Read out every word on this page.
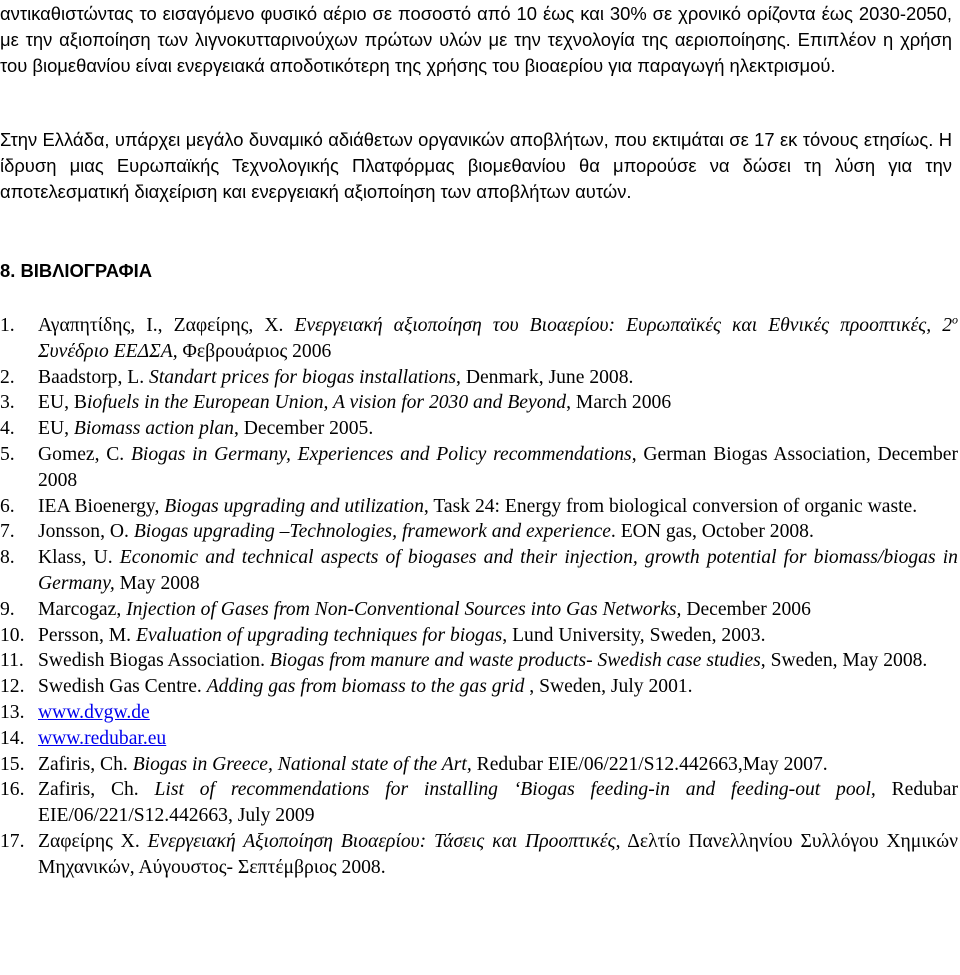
αντικαθιστώντας το εισαγόμενο φυσικό αέριο σε ποσοστό από 10 έως και 30% σε χρονικό ορίζοντα έως 2030-2050, με την αξιοποίηση των λιγνοκυτταρινούχων πρώτων υλών με την τεχνολογία της αεριοποίησης. Επιπλέον η χρήση του βιομεθανίου είναι ενεργειακά αποδοτικότερη της χρήσης του βιοαερίου για παραγωγή ηλεκτρισμού.

Στην Ελλάδα, υπάρχει μεγάλο δυναμικό αδιάθετων οργανικών αποβλήτων, που εκτιμάται σε 17 εκ τόνους ετησίως. Η ίδρυση μιας Ευρωπαϊκής Τεχνολογικής Πλατφόρμας βιομεθανίου θα μπορούσε να δώσει τη λύση για την αποτελεσματική διαχείριση και ενεργειακή αξιοποίηση των αποβλήτων αυτών.

8. ΒΙΒΛΙΟΓΡΑΦΙΑ
1. Αγαπητίδης, Ι., Ζαφείρης, Χ. Ενεργειακή αξιοποίηση του Βιοαερίου: Ευρωπαϊκές και Εθνικές προοπτικές, $2^o$ Συνέδριο ΕΕΔΣΑ, Φεβρουάριος 2006
2. Baadstorp, L. Standart prices for biogas installations, Denmark, June 2008.
3. EU, Biofuels in the European Union, A vision for 2030 and Beyond, March 2006
4. EU, Biomass action plan, December 2005.
5. Gomez, C. Biogas in Germany, Experiences and Policy recommendations, German Biogas Association, December 2008
6. IEA Bioenergy, Biogas upgrading and utilization, Task 24: Energy from biological conversion of organic waste.
7. Jonsson, O. Biogas upgrading –Technologies, framework and experience. EON gas, October 2008.
8. Klass, U. Economic and technical aspects of biogases and their injection, growth potential for biomass/biogas in Germany, May 2008
9. Marcogaz, Injection of Gases from Non-Conventional Sources into Gas Networks, December 2006
10. Persson, M. Evaluation of upgrading techniques for biogas, Lund University, Sweden, 2003.
11. Swedish Biogas Association. Biogas from manure and waste products- Swedish case studies, Sweden, May 2008.
12. Swedish Gas Centre. Adding gas from biomass to the gas grid , Sweden, July 2001.
13. www.dvgw.de
14. www.redubar.eu
15. Zafiris, Ch. Biogas in Greece, National state of the Art, Redubar EIE/06/221/S12.442663,May 2007.
16. Zafiris, Ch. List of recommendations for installing ‘Biogas feeding-in and feeding-out pool, Redubar EIE/06/221/S12.442663, July 2009
17. Ζαφείρης Χ. Ενεργειακή Αξιοποίηση Βιοαερίου: Τάσεις και Προοπτικές, Δελτίο Πανελληνίου Συλλόγου Χημικών Μηχανικών, Αύγουστος- Σεπτέμβριος 2008.
